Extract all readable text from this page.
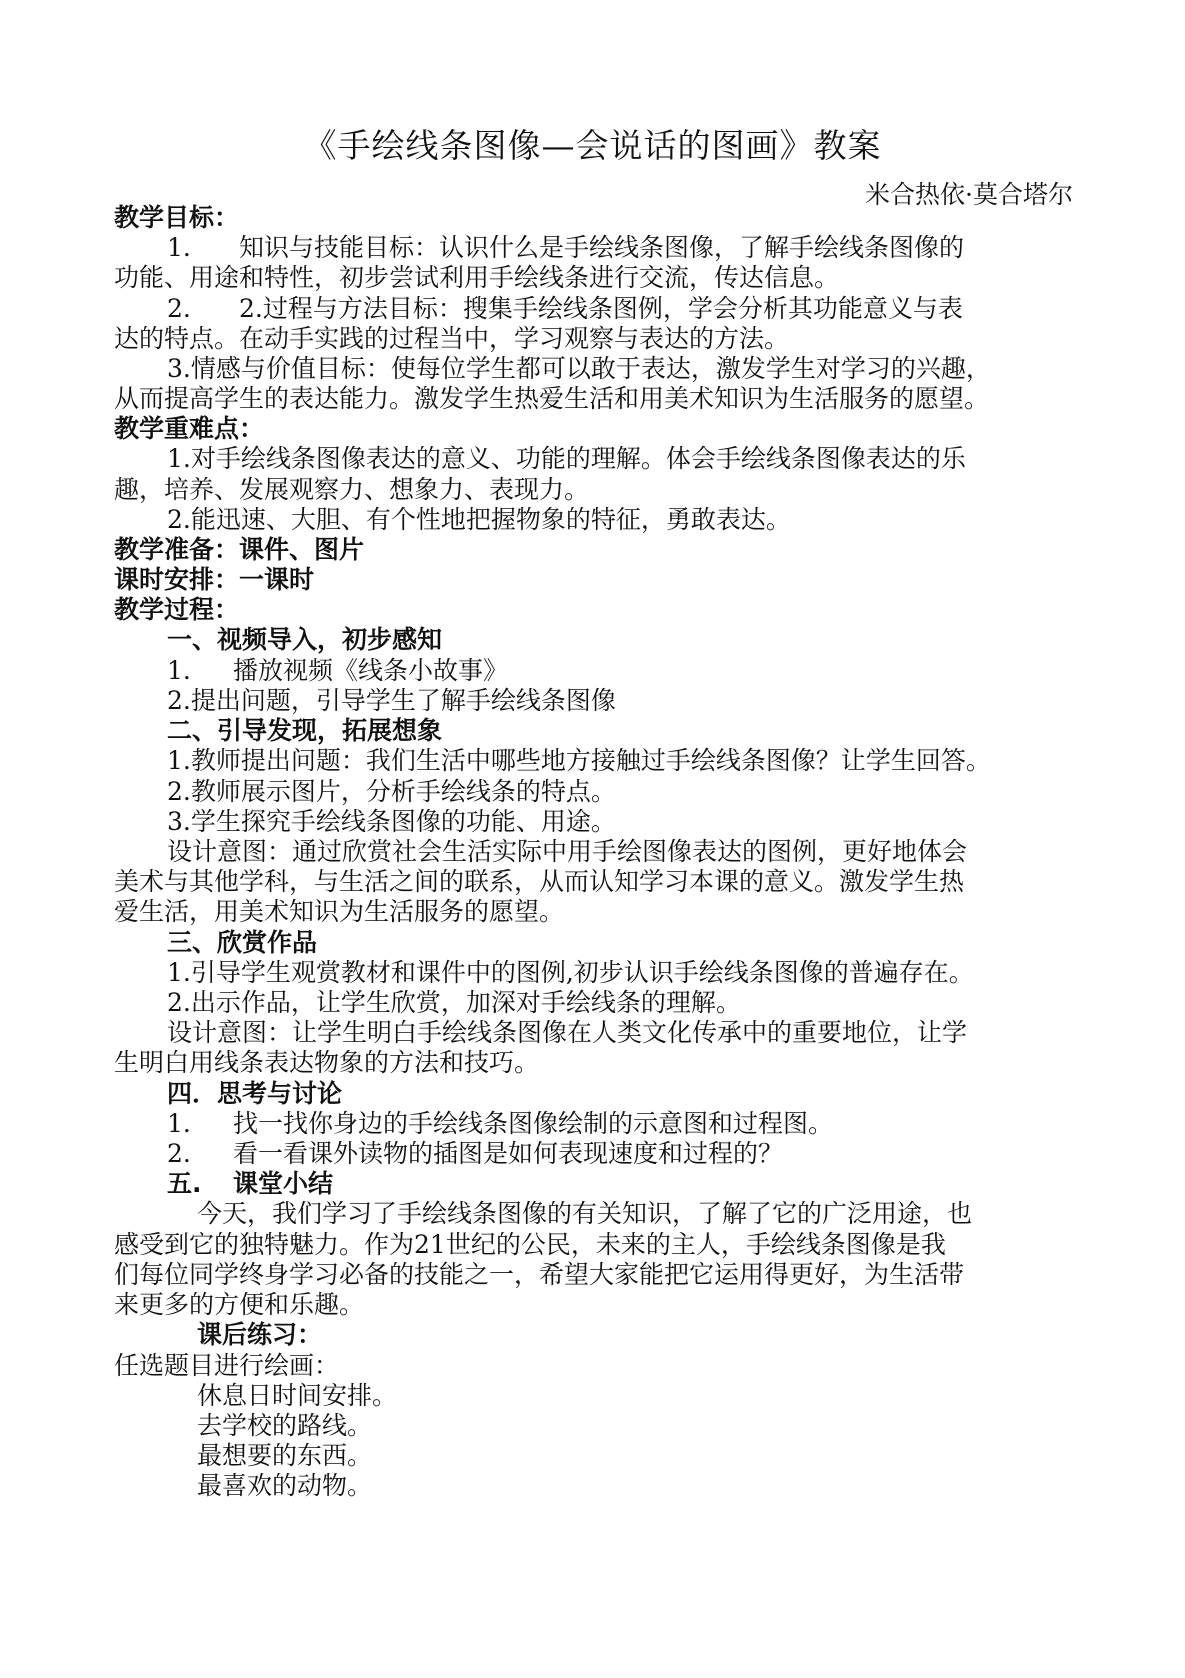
《手绘线条图像—会说话的图画》教案
米合热依·莫合塔尔
教学目标：
1. 知识与技能目标：认识什么是手绘线条图像，了解手绘线条图像的
功能、用途和特性，初步尝试利用手绘线条进行交流，传达信息。
2. 2.过程与方法目标：搜集手绘线条图例，学会分析其功能意义与表
达的特点。在动手实践的过程当中，学习观察与表达的方法。
3.情感与价值目标：使每位学生都可以敢于表达，激发学生对学习的兴趣，
从而提高学生的表达能力。激发学生热爱生活和用美术知识为生活服务的愿望。
教学重难点：
1.对手绘线条图像表达的意义、功能的理解。体会手绘线条图像表达的乐
趣，培养、发展观察力、想象力、表现力。
2.能迅速、大胆、有个性地把握物象的特征，勇敢表达。
教学准备：课件、图片
课时安排：一课时
教学过程：
一、视频导入，初步感知
1. 播放视频《线条小故事》
2.提出问题，引导学生了解手绘线条图像
二、引导发现，拓展想象
1.教师提出问题：我们生活中哪些地方接触过手绘线条图像？让学生回答。
2.教师展示图片，分析手绘线条的特点。
3.学生探究手绘线条图像的功能、用途。
设计意图：通过欣赏社会生活实际中用手绘图像表达的图例，更好地体会
美术与其他学科，与生活之间的联系，从而认知学习本课的意义。激发学生热
爱生活，用美术知识为生活服务的愿望。
三、欣赏作品
1.引导学生观赏教材和课件中的图例,初步认识手绘线条图像的普遍存在。
2.出示作品，让学生欣赏，加深对手绘线条的理解。
设计意图：让学生明白手绘线条图像在人类文化传承中的重要地位，让学
生明白用线条表达物象的方法和技巧。
四．思考与讨论
1. 找一找你身边的手绘线条图像绘制的示意图和过程图。
2. 看一看课外读物的插图是如何表现速度和过程的？
五. 课堂小结
今天，我们学习了手绘线条图像的有关知识，了解了它的广泛用途，也
感受到它的独特魅力。作为21世纪的公民，未来的主人，手绘线条图像是我
们每位同学终身学习必备的技能之一，希望大家能把它运用得更好，为生活带
来更多的方便和乐趣。
课后练习：
任选题目进行绘画：
休息日时间安排。
去学校的路线。
最想要的东西。
最喜欢的动物。
